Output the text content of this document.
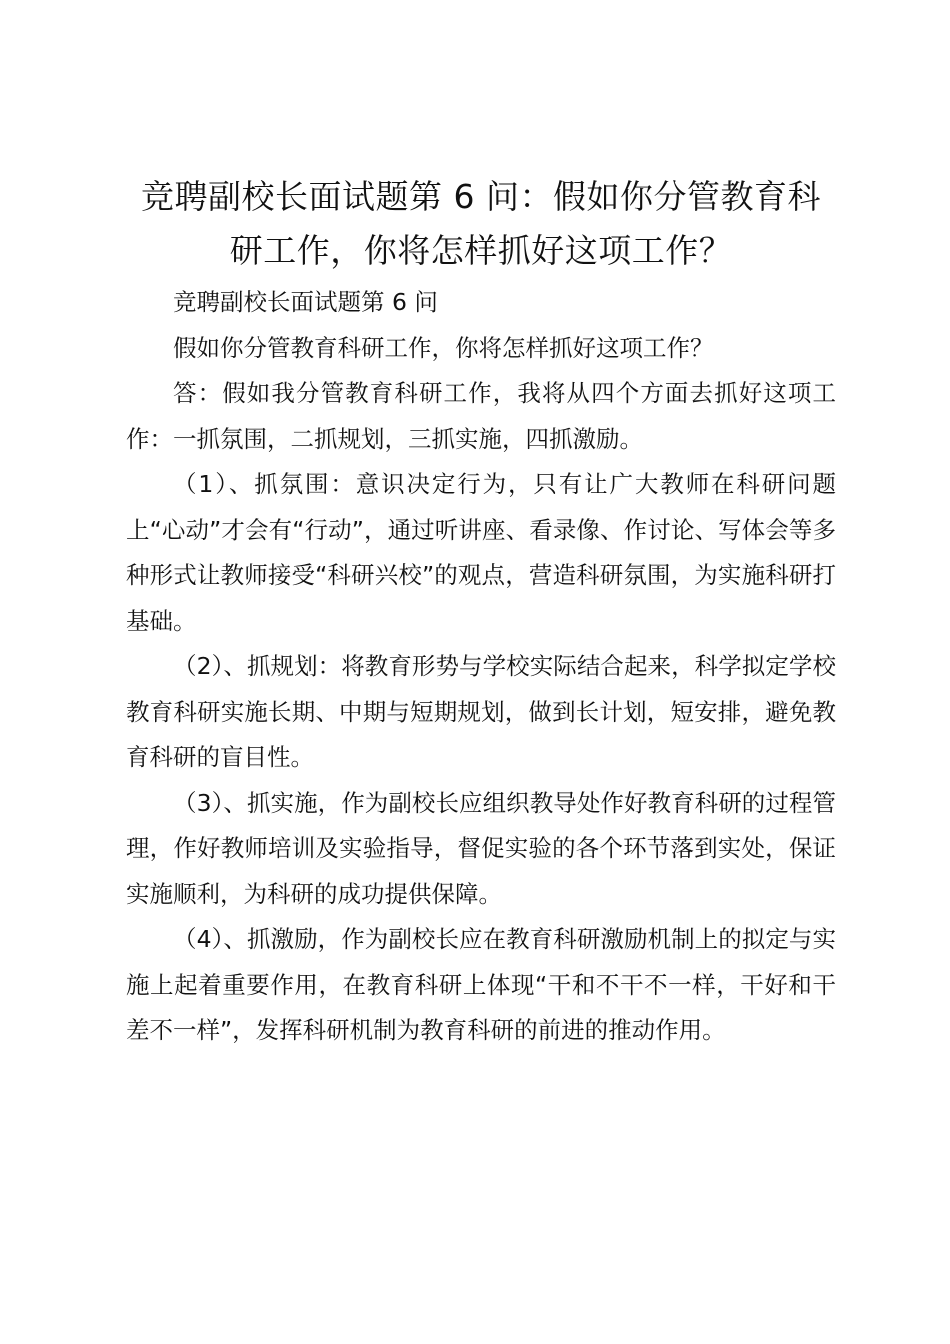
竞聘副校长面试题第 6 问：假如你分管教育科研工作，你将怎样抓好这项工作？

竞聘副校长面试题第 6 问

假如你分管教育科研工作，你将怎样抓好这项工作？

答：假如我分管教育科研工作，我将从四个方面去抓好这项工作：一抓氛围，二抓规划，三抓实施，四抓激励。

（1）、抓氛围：意识决定行为，只有让广大教师在科研问题上“心动”才会有“行动”，通过听讲座、看录像、作讨论、写体会等多种形式让教师接受“科研兴校”的观点，营造科研氛围，为实施科研打基础。

（2）、抓规划：将教育形势与学校实际结合起来，科学拟定学校教育科研实施长期、中期与短期规划，做到长计划，短安排，避免教育科研的盲目性。

（3）、抓实施，作为副校长应组织教导处作好教育科研的过程管理，作好教师培训及实验指导，督促实验的各个环节落到实处，保证实施顺利，为科研的成功提供保障。

（4）、抓激励，作为副校长应在教育科研激励机制上的拟定与实施上起着重要作用，在教育科研上体现“干和不干不一样，干好和干差不一样”，发挥科研机制为教育科研的前进的推动作用。
